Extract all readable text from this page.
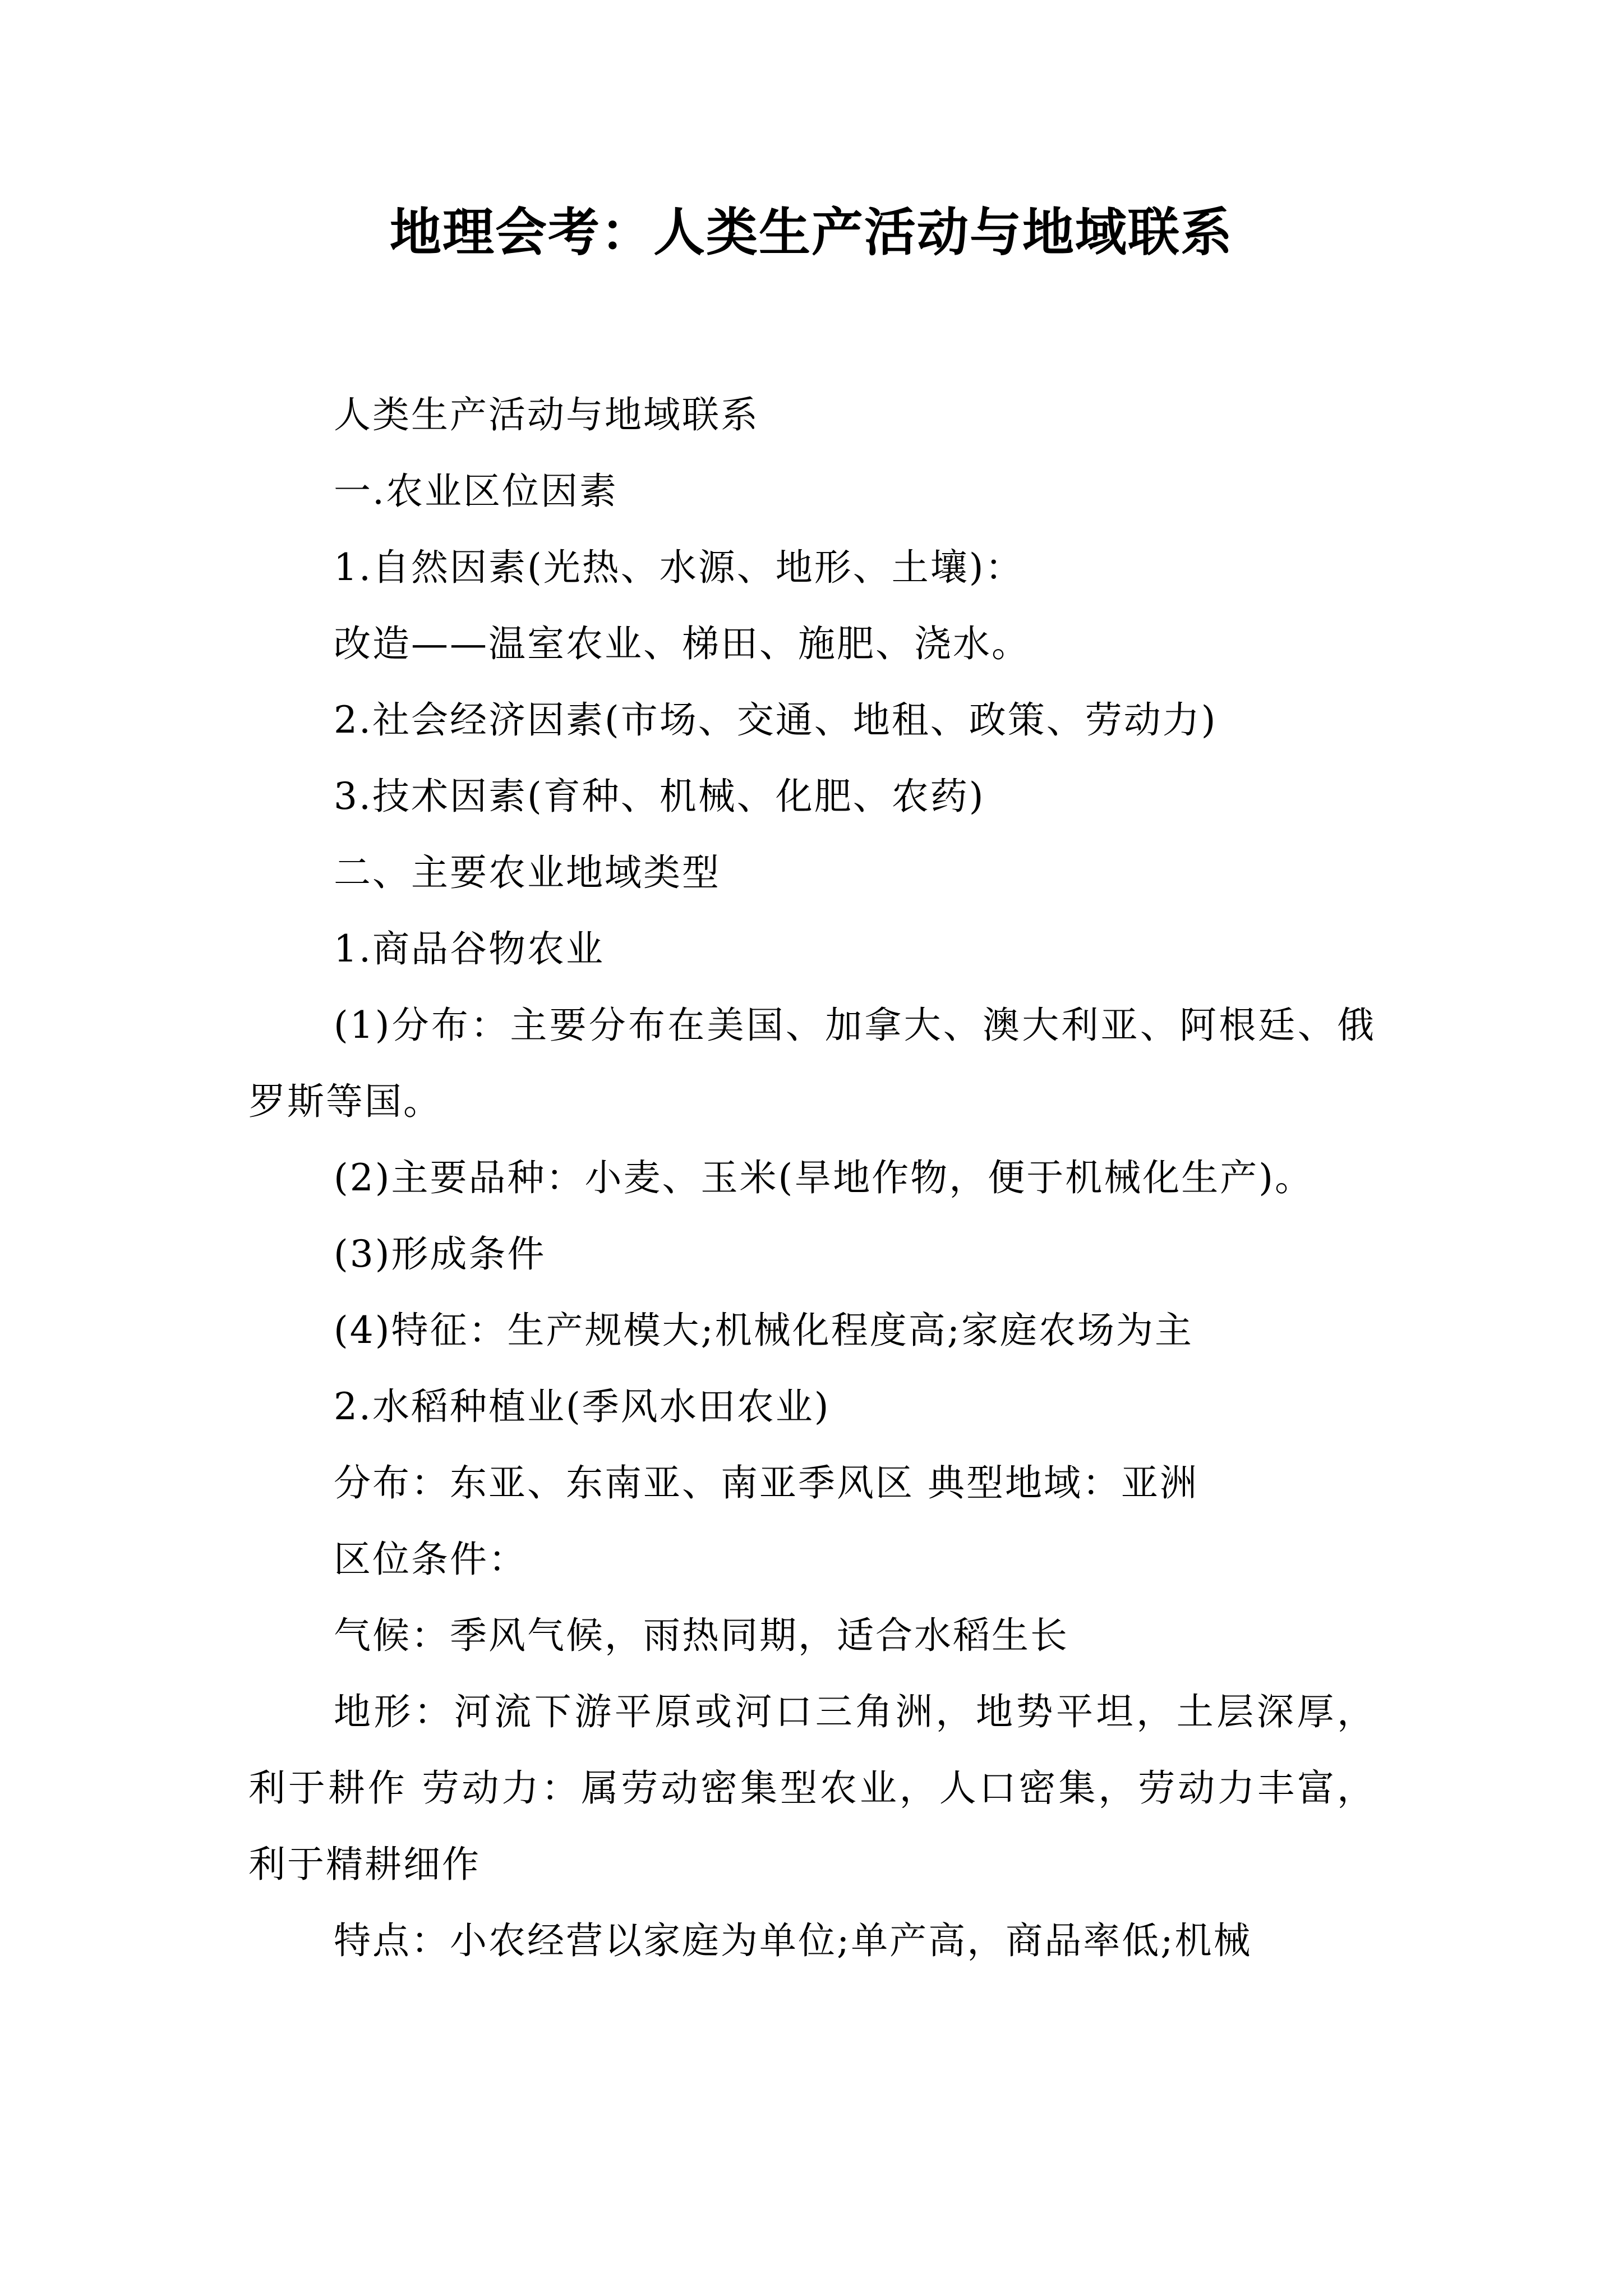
地理会考：人类生产活动与地域联系

人类生产活动与地域联系

一.农业区位因素

1.自然因素(光热、水源、地形、土壤)：

改造——温室农业、梯田、施肥、浇水。

2.社会经济因素(市场、交通、地租、政策、劳动力)

3.技术因素(育种、机械、化肥、农药)

二、主要农业地域类型

1.商品谷物农业

(1)分布：主要分布在美国、加拿大、澳大利亚、阿根廷、俄罗斯等国。

(2)主要品种：小麦、玉米(旱地作物，便于机械化生产)。

(3)形成条件

(4)特征：生产规模大;机械化程度高;家庭农场为主

2.水稻种植业(季风水田农业)

分布：东亚、东南亚、南亚季风区 典型地域：亚洲

区位条件：

气候：季风气候，雨热同期，适合水稻生长

地形：河流下游平原或河口三角洲，地势平坦，土层深厚，利于耕作 劳动力：属劳动密集型农业，人口密集，劳动力丰富，利于精耕细作

特点：小农经营以家庭为单位;单产高，商品率低;机械
